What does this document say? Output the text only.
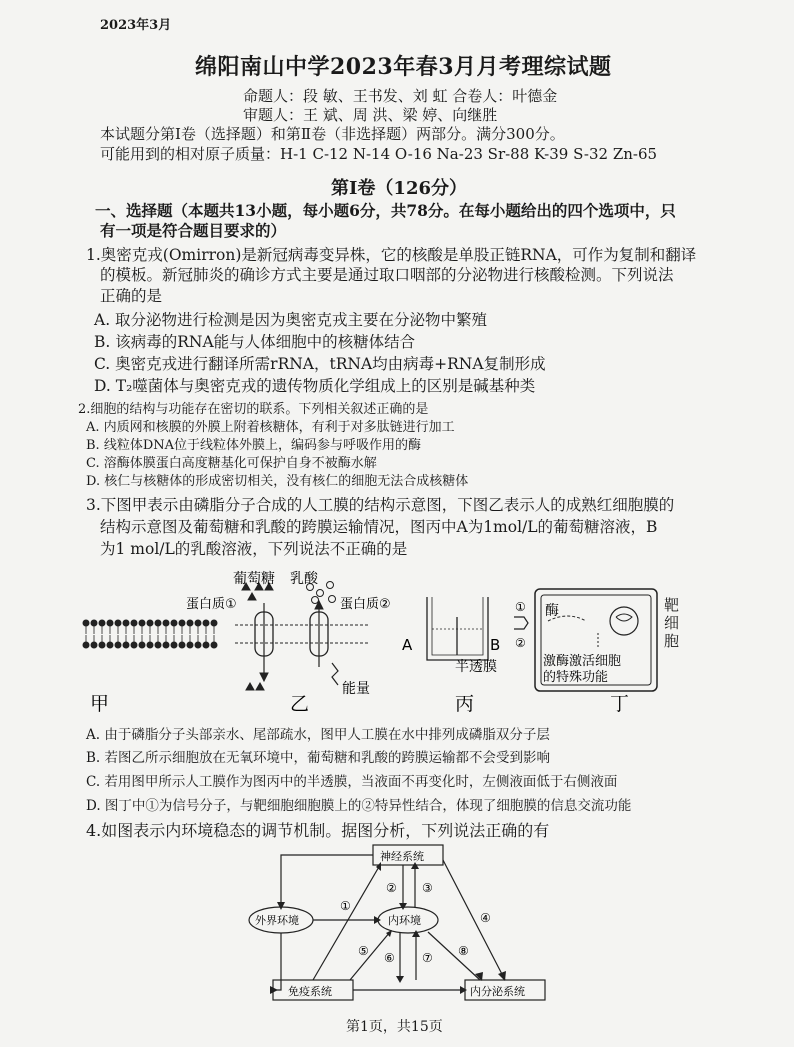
2023年3月
绵阳南山中学2023年春3月月考理综试题
命题人：段 敏、王书发、刘 虹 合卷人：叶德金
审题人：王 斌、周 洪、梁 婷、向继胜
本试题分第Ⅰ卷（选择题）和第Ⅱ卷（非选择题）两部分。满分300分。
可能用到的相对原子质量：H-1 C-12 N-14 O-16 Na-23 Sr-88 K-39 S-32 Zn-65
第Ⅰ卷（126分）
一、选择题（本题共13小题，每小题6分，共78分。在每小题给出的四个选项中，只
有一项是符合题目要求的）
1.奥密克戎(Omirron)是新冠病毒变异株，它的核酸是单股正链RNA，可作为复制和翻译
的模板。新冠肺炎的确诊方式主要是通过取口咽部的分泌物进行核酸检测。下列说法
正确的是
A. 取分泌物进行检测是因为奥密克戎主要在分泌物中繁殖
B. 该病毒的RNA能与人体细胞中的核糖体结合
C. 奥密克戎进行翻译所需rRNA，tRNA均由病毒+RNA复制形成
D. T₂噬菌体与奥密克戎的遗传物质化学组成上的区别是碱基种类
2.细胞的结构与功能存在密切的联系。下列相关叙述正确的是
A. 内质网和核膜的外膜上附着核糖体，有利于对多肽链进行加工
B. 线粒体DNA位于线粒体外膜上，编码参与呼吸作用的酶
C. 溶酶体膜蛋白高度糖基化可保护自身不被酶水解
D. 核仁与核糖体的形成密切相关，没有核仁的细胞无法合成核糖体
3.下图甲表示由磷脂分子合成的人工膜的结构示意图，下图乙表示人的成熟红细胞膜的
结构示意图及葡萄糖和乳酸的跨膜运输情况，图丙中A为1mol/L的葡萄糖溶液，B
为1 mol/L的乳酸溶液，下列说法不正确的是
葡萄糖 乳酸
蛋白质①	蛋白质②
能量
A	B
半透膜
①
②
酶
激酶激活细胞
的特殊功能
甲	乙	丙	丁
靶细胞
A. 由于磷脂分子头部亲水、尾部疏水，图甲人工膜在水中排列成磷脂双分子层
B. 若图乙所示细胞放在无氧环境中，葡萄糖和乳酸的跨膜运输都不会受到影响
C. 若用图甲所示人工膜作为图丙中的半透膜，当液面不再变化时，左侧液面低于右侧液面
D. 图丁中①为信号分子，与靶细胞细胞膜上的②特异性结合，体现了细胞膜的信息交流功能
4.如图表示内环境稳态的调节机制。据图分析，下列说法正确的有
神经系统
外界环境	内环境
免疫系统	内分泌系统
①
② ③
④
⑤ ⑥ ⑦ ⑧
第1页，共15页
